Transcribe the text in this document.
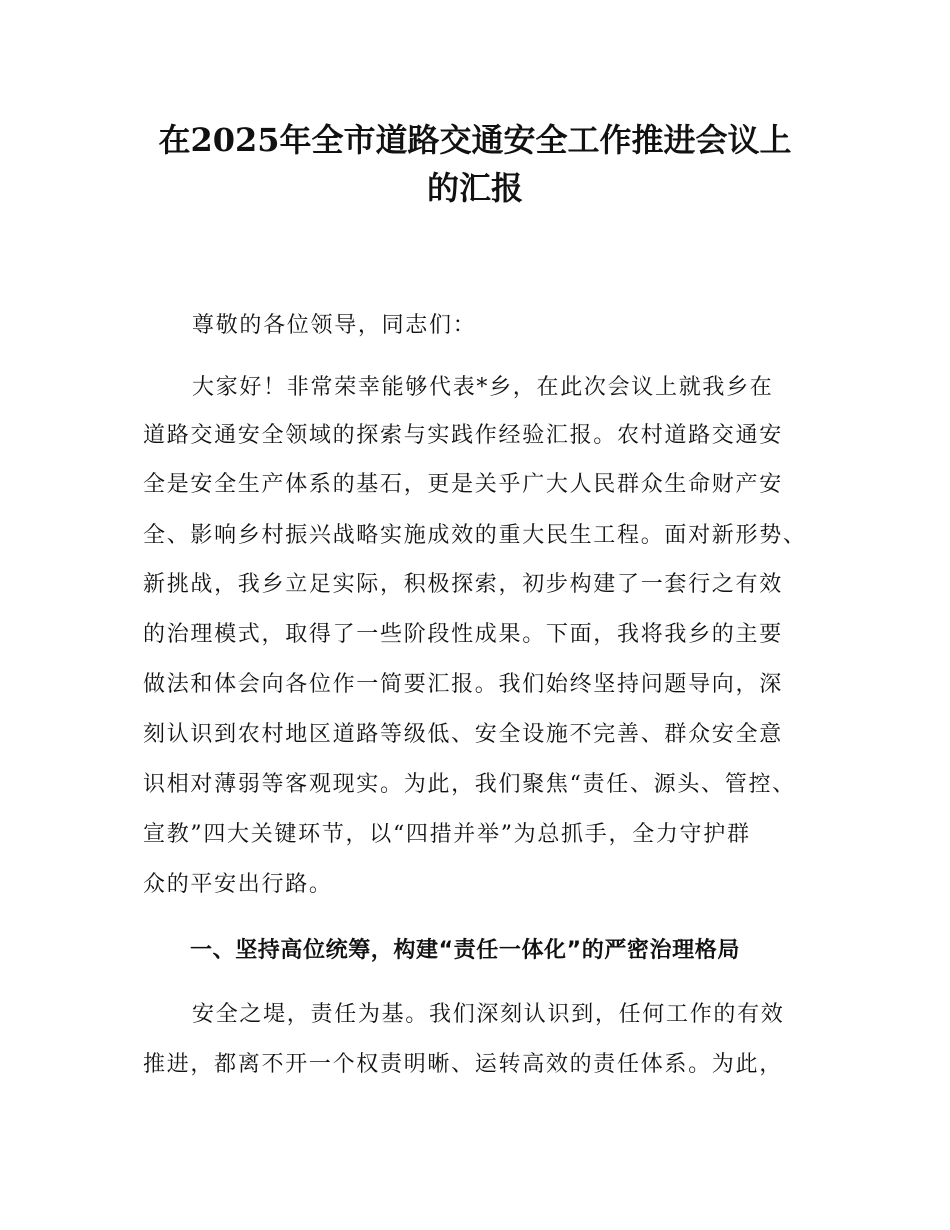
在2025年全市道路交通安全工作推进会议上
的汇报
尊敬的各位领导，同志们：
大家好！非常荣幸能够代表*乡，在此次会议上就我乡在
道路交通安全领域的探索与实践作经验汇报。农村道路交通安
全是安全生产体系的基石，更是关乎广大人民群众生命财产安
全、影响乡村振兴战略实施成效的重大民生工程。面对新形势、
新挑战，我乡立足实际，积极探索，初步构建了一套行之有效
的治理模式，取得了一些阶段性成果。下面，我将我乡的主要
做法和体会向各位作一简要汇报。我们始终坚持问题导向，深
刻认识到农村地区道路等级低、安全设施不完善、群众安全意
识相对薄弱等客观现实。为此，我们聚焦“责任、源头、管控、
宣教”四大关键环节，以“四措并举”为总抓手，全力守护群
众的平安出行路。
一、坚持高位统筹，构建“责任一体化”的严密治理格局
安全之堤，责任为基。我们深刻认识到，任何工作的有效
推进，都离不开一个权责明晰、运转高效的责任体系。为此，
